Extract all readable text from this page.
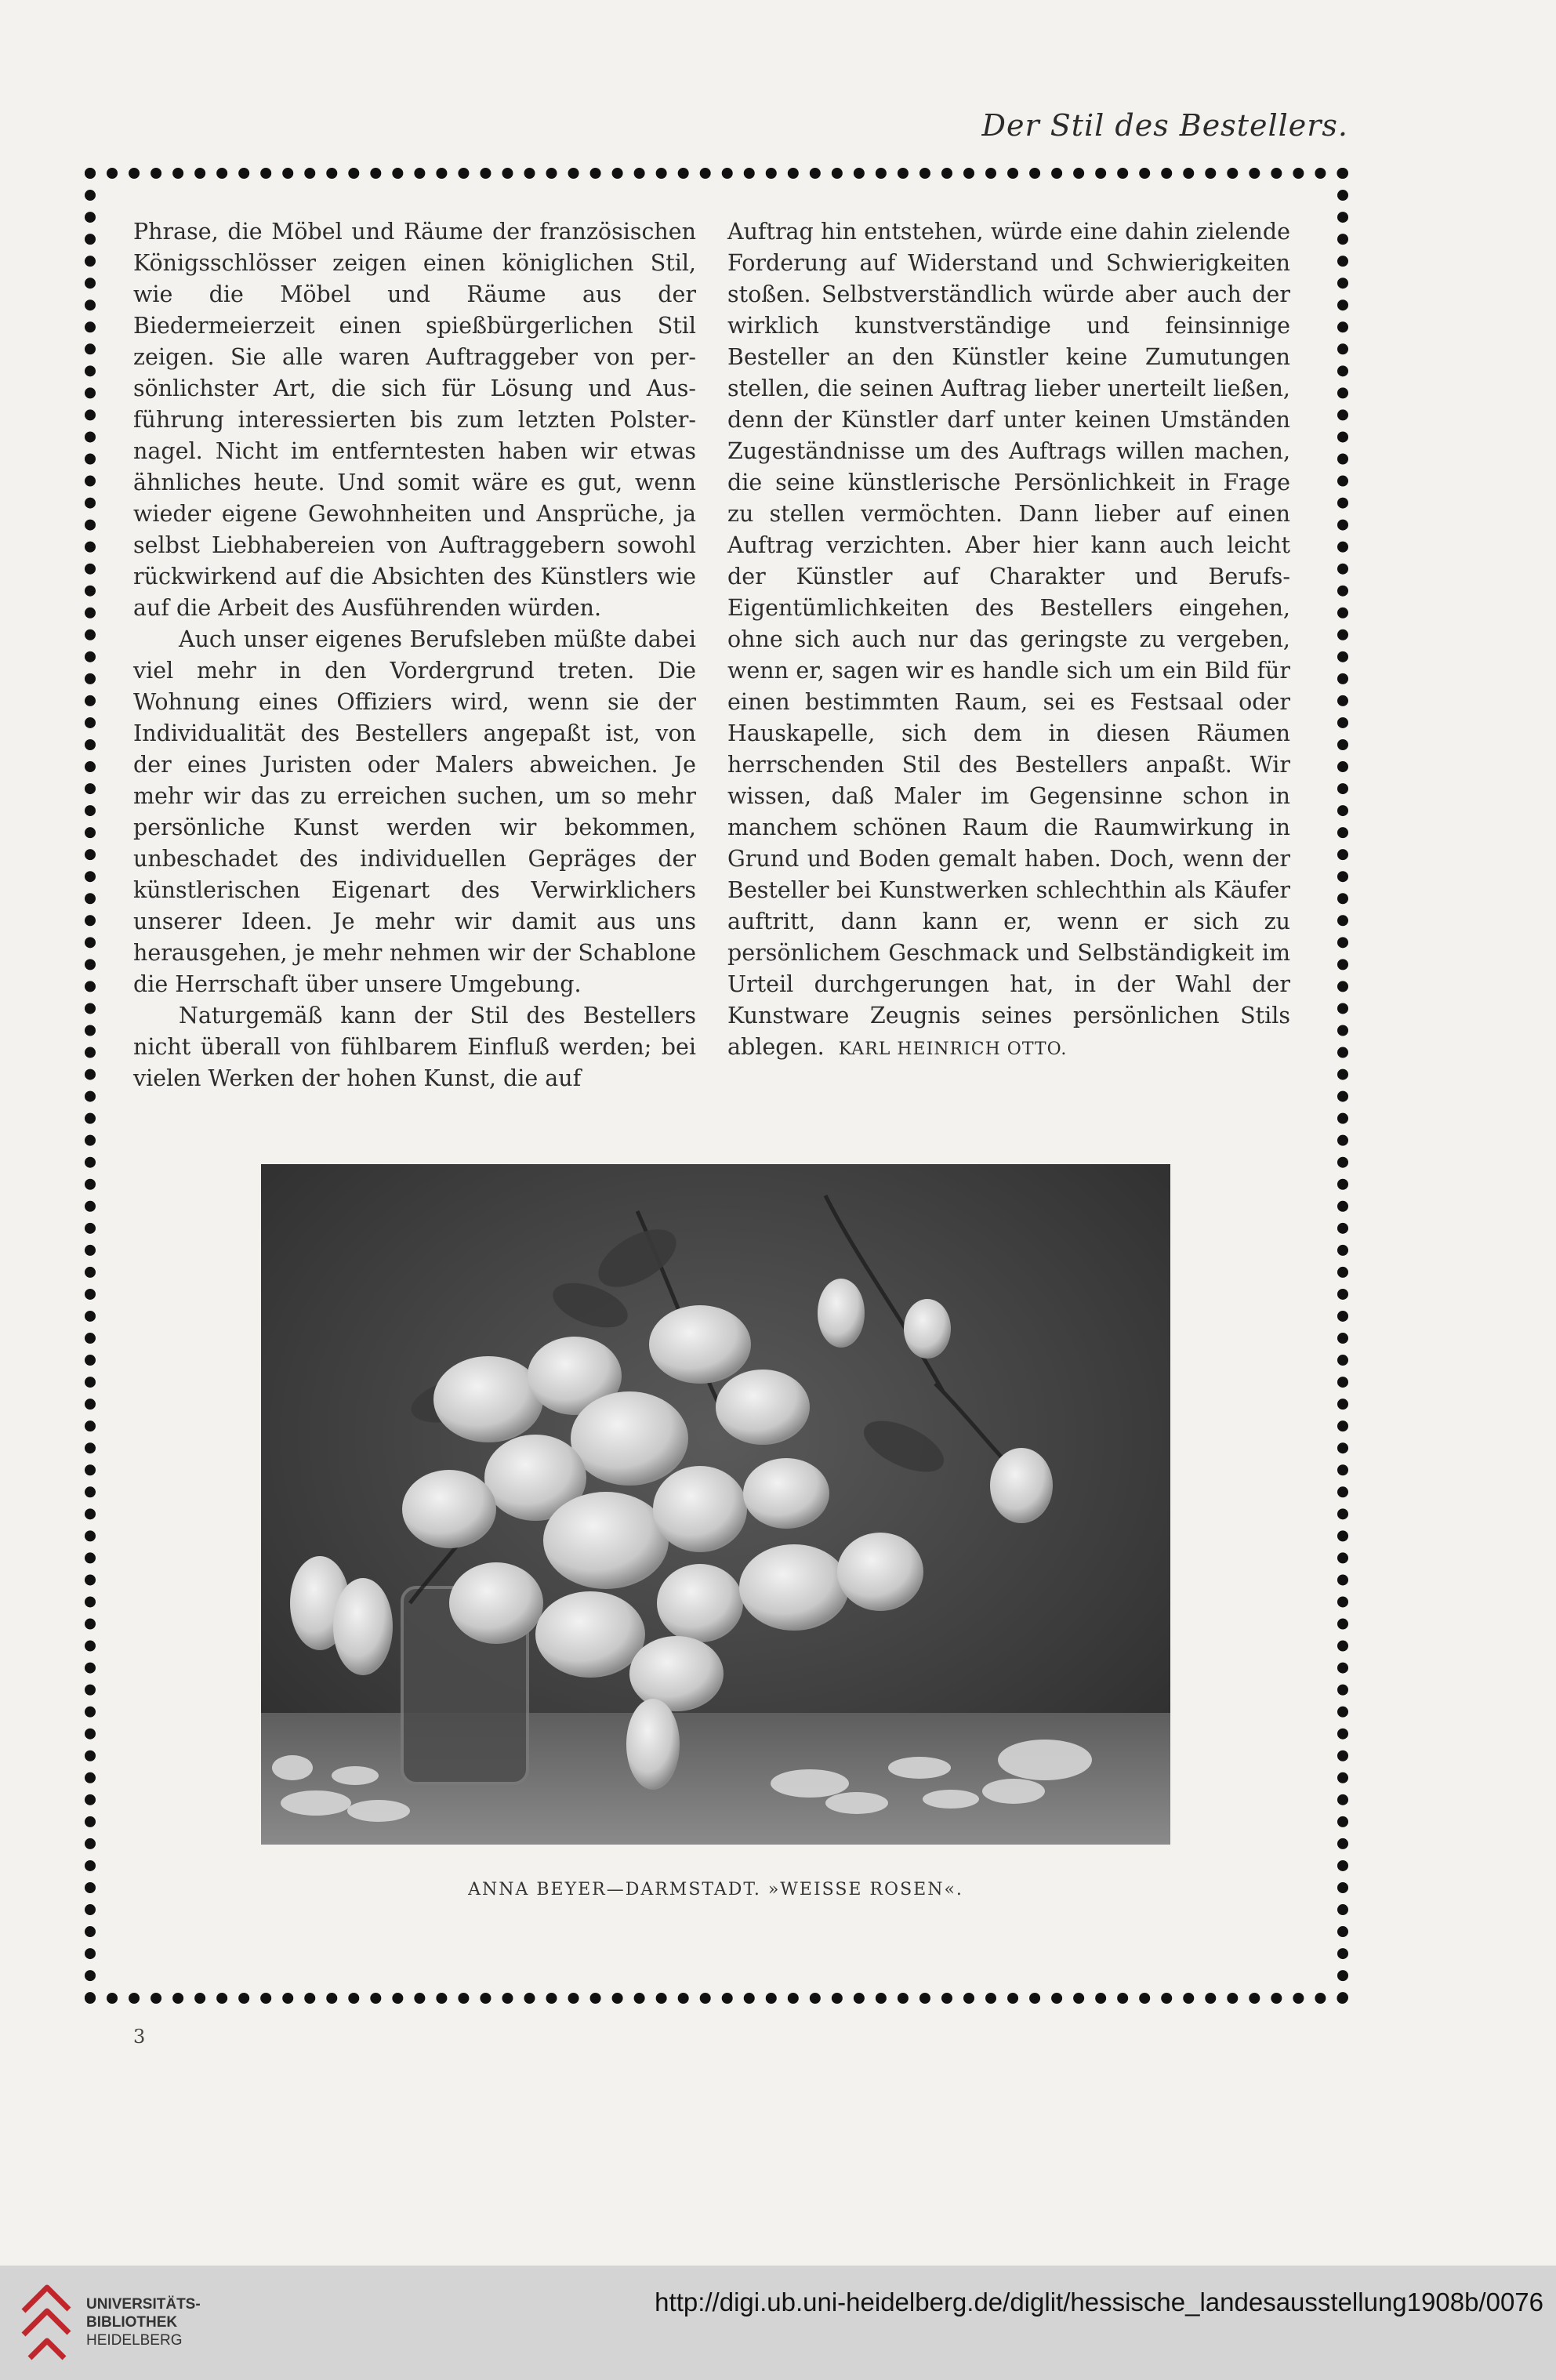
Der Stil des Bestellers.

Phrase, die Möbel und Räume der französischen Königsschlösser zeigen einen königlichen Stil, wie die Möbel und Räume aus der Biedermeierzeit einen spießbürgerlichen Stil zeigen. Sie alle waren Auftraggeber von persönlichster Art, die sich für Lösung und Ausführung interessierten bis zum letzten Polsternagel. Nicht im entferntesten haben wir etwas ähnliches heute. Und somit wäre es gut, wenn wieder eigene Gewohnheiten und Ansprüche, ja selbst Liebhabereien von Auftraggebern sowohl rückwirkend auf die Absichten des Künstlers wie auf die Arbeit des Ausführenden würden.

Auch unser eigenes Berufsleben müßte dabei viel mehr in den Vordergrund treten. Die Wohnung eines Offiziers wird, wenn sie der Individualität des Bestellers angepaßt ist, von der eines Juristen oder Malers abweichen. Je mehr wir das zu erreichen suchen, um so mehr persönliche Kunst werden wir bekommen, unbeschadet des individuellen Gepräges der künstlerischen Eigenart des Verwirklichers unserer Ideen. Je mehr wir damit aus uns herausgehen, je mehr nehmen wir der Schablone die Herrschaft über unsere Umgebung.

Naturgemäß kann der Stil des Bestellers nicht überall von fühlbarem Einfluß werden; bei vielen Werken der hohen Kunst, die auf

Auftrag hin entstehen, würde eine dahin zielende Forderung auf Widerstand und Schwierigkeiten stoßen. Selbstverständlich würde aber auch der wirklich kunstverständige und feinsinnige Besteller an den Künstler keine Zumutungen stellen, die seinen Auftrag lieber unerteilt ließen, denn der Künstler darf unter keinen Umständen Zugeständnisse um des Auftrags willen machen, die seine künstlerische Persönlichkeit in Frage zu stellen vermöchten. Dann lieber auf einen Auftrag verzichten. Aber hier kann auch leicht der Künstler auf Charakter und Berufs-Eigentümlichkeiten des Bestellers eingehen, ohne sich auch nur das geringste zu vergeben, wenn er, sagen wir es handle sich um ein Bild für einen bestimmten Raum, sei es Festsaal oder Hauskapelle, sich dem in diesen Räumen herrschenden Stil des Bestellers anpaßt. Wir wissen, daß Maler im Gegensinne schon in manchem schönen Raum die Raumwirkung in Grund und Boden gemalt haben. Doch, wenn der Besteller bei Kunstwerken schlechthin als Käufer auftritt, dann kann er, wenn er sich zu persönlichem Geschmack und Selbständigkeit im Urteil durchgerungen hat, in der Wahl der Kunstware Zeugnis seines persönlichen Stils ablegen. KARL HEINRICH OTTO.

ANNA BEYER—DARMSTADT. »WEISSE ROSEN«.
3
UNIVERSITÄTS-
BIBLIOTHEK
HEIDELBERG
http://digi.ub.uni-heidelberg.de/diglit/hessische_landesausstellung1908b/0076
